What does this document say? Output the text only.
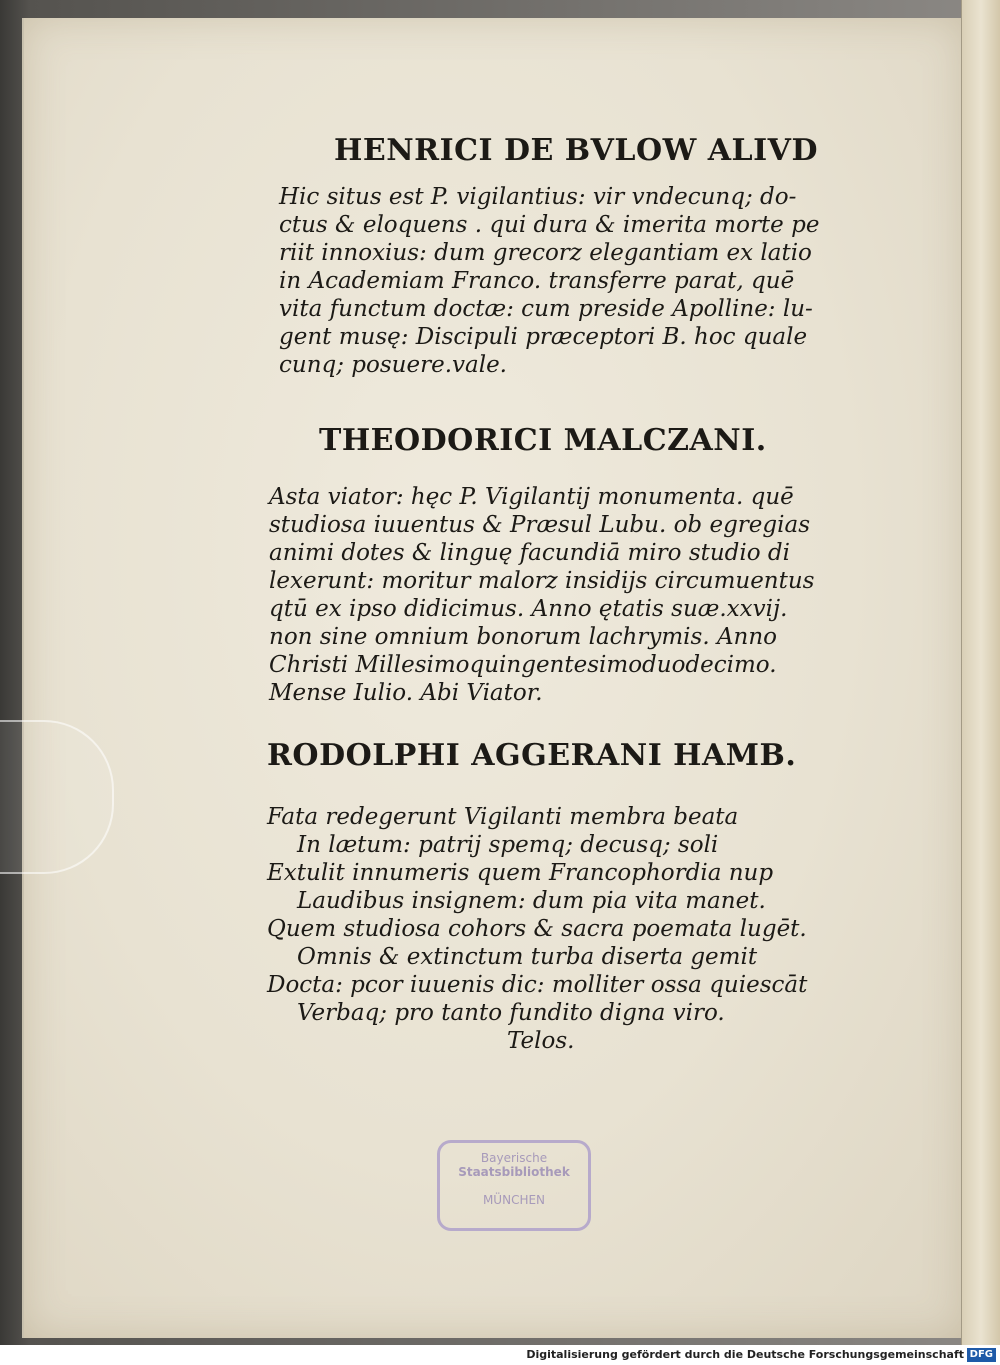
HENRICI DE BVLOW ALIVD

Hic situs est P. vigilantius: vir vndecunq; do-

ctus & eloquens . qui dura & imerita morte pe

riit innoxius: dum grecorz elegantiam ex latio

in Academiam Franco. transferre parat, quē

vita functum doctæ: cum preside Apolline: lu-

gent musę: Discipuli præceptori B. hoc quale

cunq; posuere.vale.

THEODORICI MALCZANI.

Asta viator: hęc P. Vigilantij monumenta. quē

studiosa iuuentus & Præsul Lubu. ob egregias

animi dotes & linguę facundiā miro studio di

lexerunt: moritur malorz insidijs circumuentus

qtū ex ipso didicimus. Anno ętatis suæ.xxvij.

non sine omnium bonorum lachrymis. Anno

Christi Millesimoquingentesimoduodecimo.

Mense Iulio. Abi Viator.

RODOLPHI AGGERANI HAMB.

Fata redegerunt Vigilanti membra beata

In lætum: patrij spemq; decusq; soli

Extulit innumeris quem Francophordia nup

Laudibus insignem: dum pia vita manet.

Quem studiosa cohors & sacra poemata lugēt.

Omnis & extinctum turba diserta gemit

Docta: pcor iuuenis dic: molliter ossa quiescāt

Verbaq; pro tanto fundito digna viro.

Telos.

Bayerische
Staatsbibliothek
MÜNCHEN
Digitalisierung gefördert durch die Deutsche Forschungsgemeinschaft DFG
